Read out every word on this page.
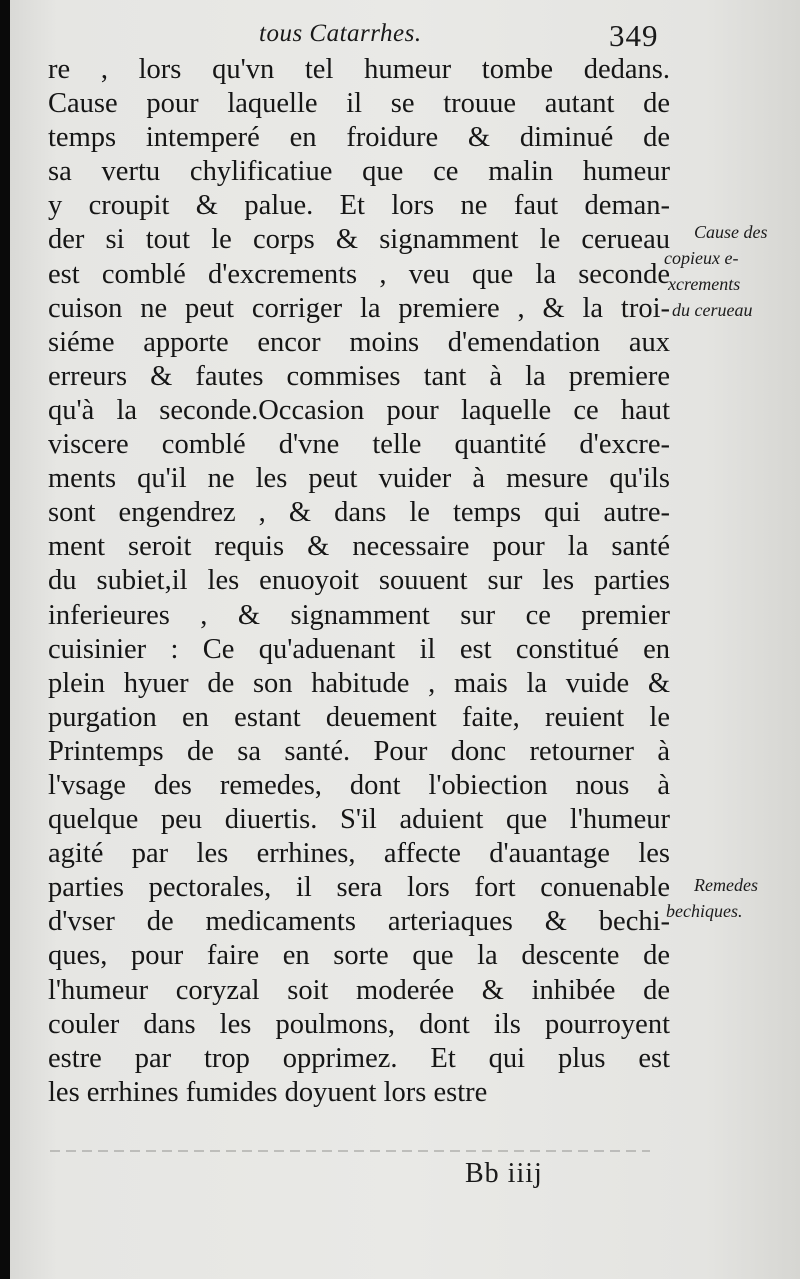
tous Catarrhes.	349
re , lors qu'vn tel humeur tombe dedans.
Cause pour laquelle il se trouue autant de
temps intemperé en froidure & diminué de
sa vertu chylificatiue que ce malin humeur
y croupit & palue. Et lors ne faut deman-
der si tout le corps & signamment le cerueau
est comblé d'excrements , veu que la seconde
cuison ne peut corriger la premiere , & la troi-
siéme apporte encor moins d'emendation aux
erreurs & fautes commises tant à la premiere
qu'à la seconde.Occasion pour laquelle ce haut
viscere comblé d'vne telle quantité d'excre-
ments qu'il ne les peut vuider à mesure qu'ils
sont engendrez , & dans le temps qui autre-
ment seroit requis & necessaire pour la santé
du subiet,il les enuoyoit souuent sur les parties
inferieures , & signamment sur ce premier
cuisinier : Ce qu'aduenant il est constitué en
plein hyuer de son habitude , mais la vuide &
purgation en estant deuement faite, reuient le
Printemps de sa santé. Pour donc retourner à
l'vsage des remedes, dont l'obiection nous à
quelque peu diuertis. S'il aduient que l'humeur
agité par les errhines, affecte d'auantage les
parties pectorales, il sera lors fort conuenable
d'vser de medicaments arteriaques & bechi-
ques, pour faire en sorte que la descente de
l'humeur coryzal soit moderée & inhibée de
couler dans les poulmons, dont ils pourroyent
estre par trop opprimez. Et qui plus est
les errhines fumides doyuent lors estre
Cause des
copieux e-
xcrements
du cerueau
Remedes
bechiques.
Bb iiij
